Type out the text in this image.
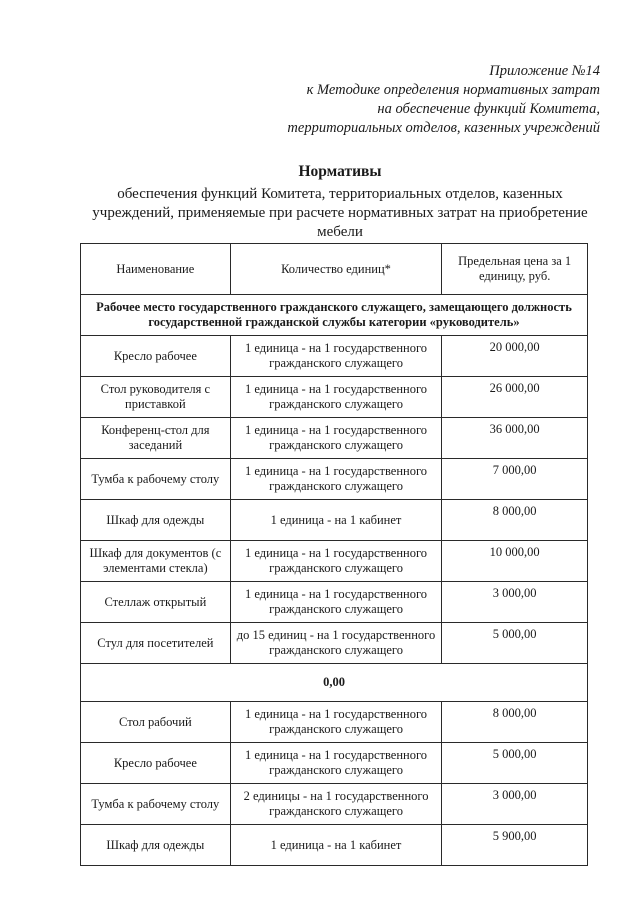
Приложение №14
к Методике определения нормативных затрат
на обеспечение функций Комитета,
территориальных отделов, казенных учреждений
Нормативы
обеспечения функций Комитета, территориальных отделов, казенных
учреждений, применяемые при расчете нормативных затрат на приобретение
мебели
Наименование	Количество единиц*	Предельная цена за 1 единицу, руб.
Рабочее место государственного гражданского служащего, замещающего должность государственной гражданской службы категории «руководитель»		
Кресло рабочее	1 единица - на 1 государственного гражданского служащего	20 000,00
Стол руководителя с приставкой	1 единица - на 1 государственного гражданского служащего	26 000,00
Конференц-стол для заседаний	1 единица - на 1 государственного гражданского служащего	36 000,00
Тумба к рабочему столу	1 единица - на 1 государственного гражданского служащего	7 000,00
Шкаф для одежды	1 единица - на 1 кабинет	8 000,00
Шкаф для документов (с элементами стекла)	1 единица - на 1 государственного гражданского служащего	10 000,00
Стеллаж открытый	1 единица - на 1 государственного гражданского служащего	3 000,00
Стул для посетителей	до 15 единиц - на 1 государственного гражданского служащего	5 000,00
0,00		
Стол рабочий	1 единица - на 1 государственного гражданского служащего	8 000,00
Кресло рабочее	1 единица - на 1 государственного гражданского служащего	5 000,00
Тумба к рабочему столу	2 единицы - на 1 государственного гражданского служащего	3 000,00
Шкаф для одежды	1 единица - на 1 кабинет	5 900,00
